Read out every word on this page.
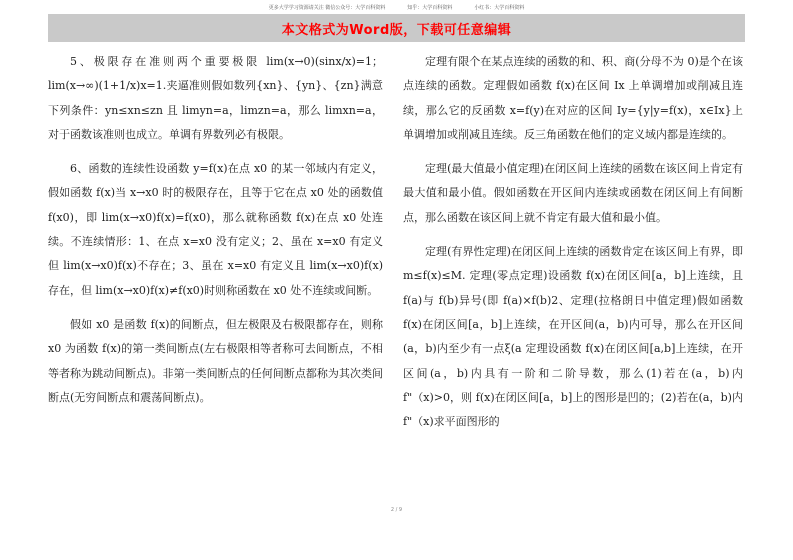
更多大学学习资源请关注 微信公众号：大学百科资料	知乎：大学百科资料	小红书：大学百科资料
本文格式为Word版，下载可任意编辑

5、极限存在准则两个重要极限 lim(x→0)(sinx/x)=1；lim(x→∞)(1+1/x)x=1.夹逼准则假如数列{xn}、{yn}、{zn}满意下列条件：yn≤xn≤zn 且 limyn=a，limzn=a，那么 limxn=a，对于函数该准则也成立。单调有界数列必有极限。

6、函数的连续性设函数 y=f(x)在点 x0 的某一邻域内有定义，假如函数 f(x)当 x→x0 时的极限存在，且等于它在点 x0 处的函数值 f(x0)，即 lim(x→x0)f(x)=f(x0)，那么就称函数 f(x)在点 x0 处连续。不连续情形：1、在点 x=x0 没有定义；2、虽在 x=x0 有定义但 lim(x→x0)f(x)不存在；3、虽在 x=x0 有定义且 lim(x→x0)f(x)存在，但 lim(x→x0)f(x)≠f(x0)时则称函数在 x0 处不连续或间断。

假如 x0 是函数 f(x)的间断点，但左极限及右极限都存在，则称 x0 为函数 f(x)的第一类间断点(左右极限相等者称可去间断点，不相等者称为跳动间断点)。非第一类间断点的任何间断点都称为其次类间断点(无穷间断点和震荡间断点)。

定理有限个在某点连续的函数的和、积、商(分母不为 0)是个在该点连续的函数。定理假如函数 f(x)在区间 Ix 上单调增加或削减且连续，那么它的反函数 x=f(y)在对应的区间 Iy={y|y=f(x)，x∈Ix}上单调增加或削减且连续。反三角函数在他们的定义域内都是连续的。

定理(最大值最小值定理)在闭区间上连续的函数在该区间上肯定有最大值和最小值。假如函数在开区间内连续或函数在闭区间上有间断点，那么函数在该区间上就不肯定有最大值和最小值。

定理(有界性定理)在闭区间上连续的函数肯定在该区间上有界，即 m≤f(x)≤M. 定理(零点定理)设函数 f(x)在闭区间[a，b]上连续，且 f(a)与 f(b)异号(即 f(a)×f(b)2、定理(拉格朗日中值定理)假如函数 f(x)在闭区间[a，b]上连续，在开区间(a，b)内可导，那么在开区间(a，b)内至少有一点ξ(a 定理设函数 f(x)在闭区间[a,b]上连续，在开区间(a，b)内具有一阶和二阶导数，那么(1)若在(a，b)内 f"（x)>0，则 f(x)在闭区间[a，b]上的图形是凹的；(2)若在(a，b)内 f"（x)求平面图形的

2 / 9
